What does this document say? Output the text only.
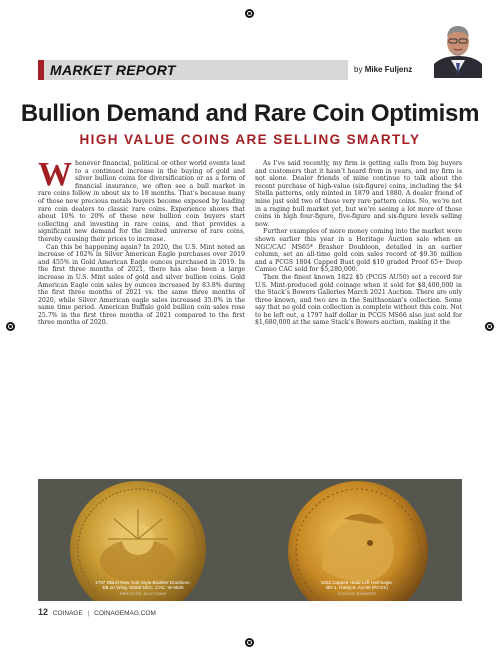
MARKET REPORT	by Mike Fuljenz
Bullion Demand and Rare Coin Optimism
HIGH VALUE COINS ARE SELLING SMARTLY

Whenever financial, political or other world events lead to a continued increase in the buying of gold and silver bullion coins for diversification or as a form of financial insurance, we often see a bull market in rare coins follow in about six to 18 months. That’s because many of those new precious metals buyers become exposed by leading rare coin dealers to classic rare coins. Experience shows that about 10% to 20% of these new bullion coin buyers start collecting and investing in rare coins, and that provides a significant new demand for the limited universe of rare coins, thereby causing their prices to increase.

Can this be happening again? In 2020, the U.S. Mint noted an increase of 102% in Silver American Eagle purchases over 2019 and 455% in Gold American Eagle ounces purchased in 2019. In the first three months of 2021, there has also been a large increase in U.S. Mint sales of gold and silver bullion coins. Gold American Eagle coin sales by ounces increased by 83.8% during the first three months of 2021 vs. the same three months of 2020, while Silver American eagle sales increased 35.0% in the same time period. American Buffalo gold bullion coin sales rose 25.7% in the first three months of 2021 compared to the first three months of 2020.

As I’ve said recently, my firm is getting calls from big buyers and customers that it hasn’t heard from in years, and my firm is not alone. Dealer friends of mine continue to talk about the recent purchase of high-value (six-figure) coins, including the $4 Stella patterns, only minted in 1879 and 1880. A dealer friend of mine just sold two of those very rare pattern coins. No, we’re not in a raging bull market yet, but we’re seeing a lot more of those coins in high four-figure, five-figure and six-figure levels selling now.

Further examples of more money coming into the market were shown earlier this year in a Heritage Auction sale when an NGC/CAC MS65* Brasher Doubloon, detailed in an earlier column, set an all-time gold coin sales record of $9.36 million and a PCGS 1804 Capped Bust gold $10 graded Proof 65+ Deep Cameo CAC sold for $5,280,000.

Then the finest known 1822 $5 (PCGS AU50) set a record for U.S. Mint-produced gold coinage when it sold for $8,400,000 in the Stack’s Bowers Galleries March 2021 Auction. There are only three known, and two are in the Smithsonian’s collection. Some say that no gold coin collection is complete without this coin. Not to be left out, a 1797 half dollar in PCGS MS66 also just sold for $1,680,000 at the same Stack’s Bowers auction, making it the

1787 DBLN New York-Style Brasher Doubloon,
EB on Wing. MS65 NGC. CAC. W-5840
HERITAGE AUCTIONS
1822 Capped Head Left Half Eagle.
BD-1. Rarity-8. AU-50 (PCGS)
STACKS BOWERS
12 COINAGE | COINAGEMAG.COM
